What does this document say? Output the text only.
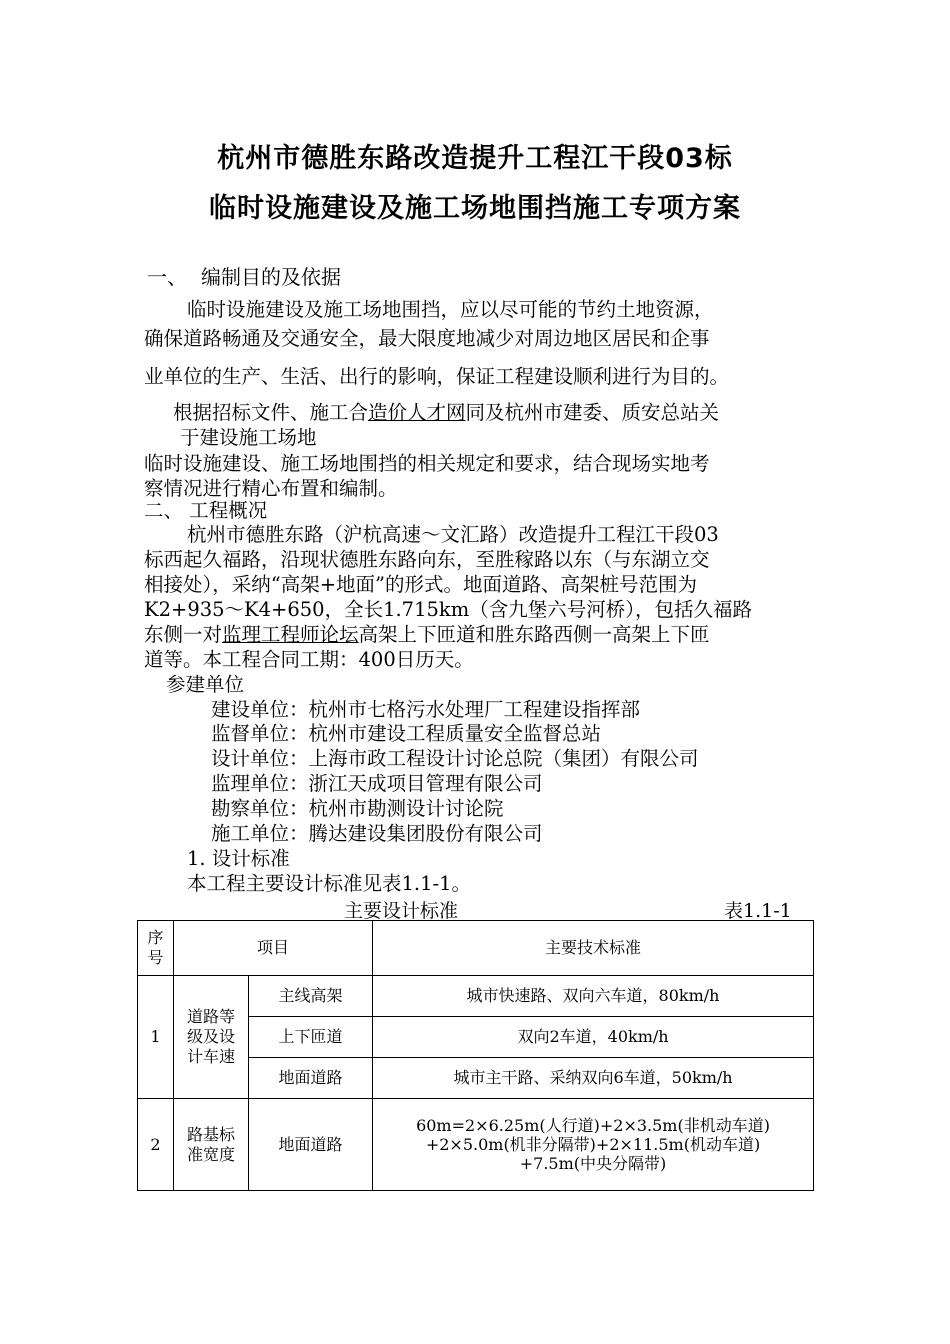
杭州市德胜东路改造提升工程江干段03标
临时设施建设及施工场地围挡施工专项方案
一、 编制目的及依据
临时设施建设及施工场地围挡，应以尽可能的节约土地资源，
确保道路畅通及交通安全，最大限度地减少对周边地区居民和企事
业单位的生产、生活、出行的影响，保证工程建设顺利进行为目的。
根据招标文件、施工合造价人才网同及杭州市建委、质安总站关
于建设施工场地
临时设施建设、施工场地围挡的相关规定和要求，结合现场实地考
察情况进行精心布置和编制。
二、 工程概况
杭州市德胜东路（沪杭高速～文汇路）改造提升工程江干段03
标西起久福路，沿现状德胜东路向东，至胜稼路以东（与东湖立交
相接处），采纳“高架+地面”的形式。地面道路、高架桩号范围为
K2+935～K4+650，全长1.715km（含九堡六号河桥），包括久福路
东侧一对监理工程师论坛高架上下匝道和胜东路西侧一高架上下匝
道等。本工程合同工期：400日历天。
参建单位
建设单位：杭州市七格污水处理厂工程建设指挥部
监督单位：杭州市建设工程质量安全监督总站
设计单位：上海市政工程设计讨论总院（集团）有限公司
监理单位：浙江天成项目管理有限公司
勘察单位：杭州市勘测设计讨论院
施工单位：腾达建设集团股份有限公司
1. 设计标准
本工程主要设计标准见表1.1-1。
主要设计标准	表1.1-1
序号	项目		主要技术标准
1	道路等级及设计车速	主线高架	城市快速路、双向六车道，80km/h
		上下匝道	双向2车道，40km/h
		地面道路	城市主干路、采纳双向6车道，50km/h
2	路基标准宽度	地面道路	60m=2×6.25m(人行道)+2×3.5m(非机动车道)
+2×5.0m(机非分隔带)+2×11.5m(机动车道)
+7.5m(中央分隔带)
